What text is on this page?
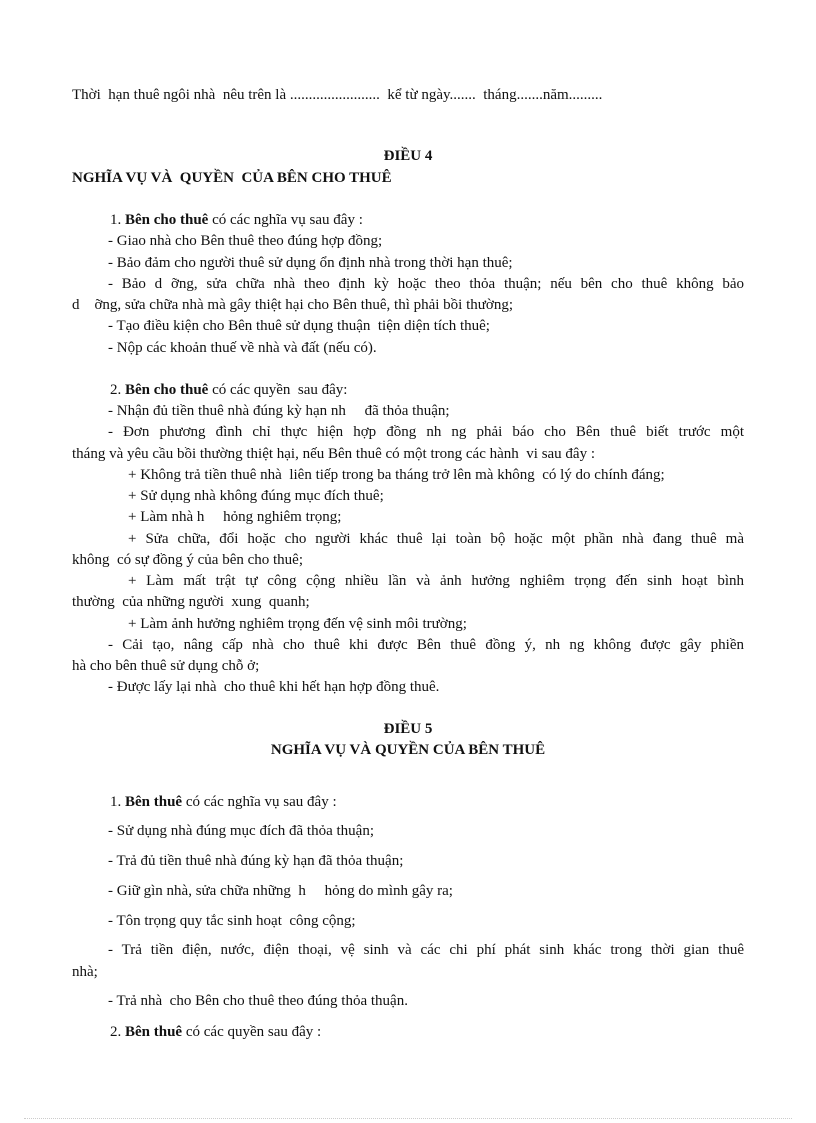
Thời  hạn thuê ngôi nhà  nêu trên là ........................  kể từ ngày.......  tháng.......năm.........
ĐIỀU 4
NGHĨA VỤ VÀ  QUYỀN  CỦA BÊN CHO THUÊ
1. Bên cho thuê có các nghĩa vụ sau đây :
- Giao nhà cho Bên thuê theo đúng hợp đồng;
- Bảo đảm cho người thuê sử dụng ổn định nhà trong thời hạn thuê;
- Bảo d ỡng, sửa chữa nhà theo định kỳ hoặc theo thỏa thuận; nếu bên cho thuê không bảo
d    ỡng, sửa chữa nhà mà gây thiệt hại cho Bên thuê, thì phải bồi thường;
- Tạo điều kiện cho Bên thuê sử dụng thuận  tiện diện tích thuê;
- Nộp các khoản thuế về nhà và đất (nếu có).
2. Bên cho thuê có các quyền  sau đây:
- Nhận đủ tiền thuê nhà đúng kỳ hạn nh     đã thỏa thuận;
- Đơn phương đình chỉ thực hiện hợp đồng nh ng phải báo cho Bên thuê biết trước một
tháng và yêu cầu bồi thường thiệt hại, nếu Bên thuê có một trong các hành  vi sau đây :
+ Không trả tiền thuê nhà  liên tiếp trong ba tháng trở lên mà không  có lý do chính đáng;
+ Sử dụng nhà không đúng mục đích thuê;
+ Làm nhà h     hỏng nghiêm trọng;
+ Sửa chữa, đổi hoặc cho người khác thuê lại toàn bộ hoặc một phần nhà đang thuê mà
không  có sự đồng ý của bên cho thuê;
+ Làm mất trật tự công cộng nhiều lần và ảnh hưởng nghiêm trọng đến sinh hoạt bình
thường  của những người  xung  quanh;
+ Làm ảnh hưởng nghiêm trọng đến vệ sinh môi trường;
- Cải tạo, nâng cấp nhà cho thuê khi được Bên thuê đồng ý, nh ng không được gây phiền
hà cho bên thuê sử dụng chỗ ở;
- Được lấy lại nhà  cho thuê khi hết hạn hợp đồng thuê.
ĐIỀU 5
NGHĨA VỤ VÀ QUYỀN CỦA BÊN THUÊ
1. Bên thuê có các nghĩa vụ sau đây :
- Sử dụng nhà đúng mục đích đã thỏa thuận;
- Trả đủ tiền thuê nhà đúng kỳ hạn đã thỏa thuận;
- Giữ gìn nhà, sửa chữa những  h     hỏng do mình gây ra;
- Tôn trọng quy tắc sinh hoạt  công cộng;
- Trả tiền điện, nước, điện thoại, vệ sinh và các chi phí phát sinh khác trong thời gian thuê
nhà;
- Trả nhà  cho Bên cho thuê theo đúng thỏa thuận.
2. Bên thuê có các quyền sau đây :
